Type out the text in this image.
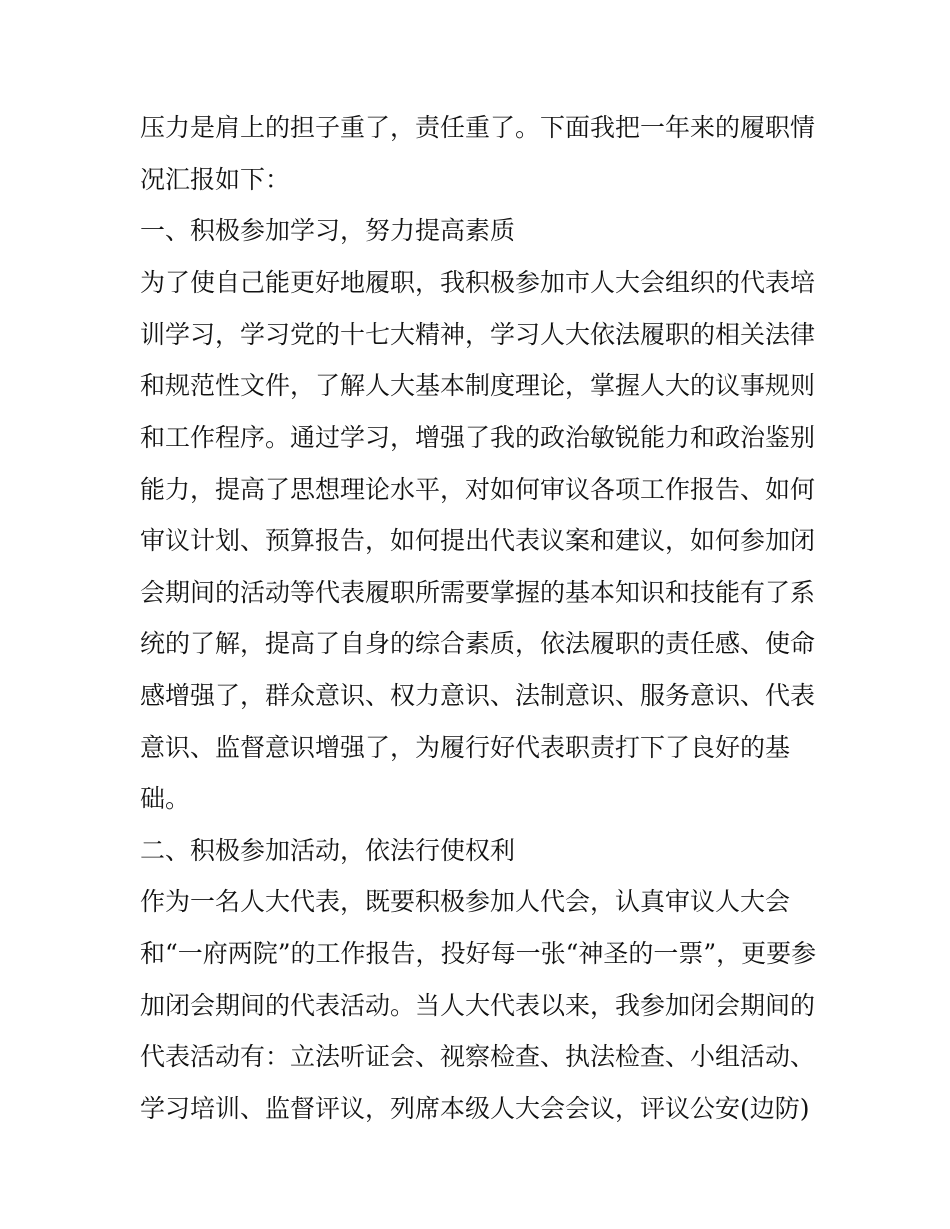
压力是肩上的担子重了，责任重了。下面我把一年来的履职情

况汇报如下：

一、积极参加学习，努力提高素质

为了使自己能更好地履职，我积极参加市人大会组织的代表培

训学习，学习党的十七大精神，学习人大依法履职的相关法律

和规范性文件，了解人大基本制度理论，掌握人大的议事规则

和工作程序。通过学习，增强了我的政治敏锐能力和政治鉴别

能力，提高了思想理论水平，对如何审议各项工作报告、如何

审议计划、预算报告，如何提出代表议案和建议，如何参加闭

会期间的活动等代表履职所需要掌握的基本知识和技能有了系

统的了解，提高了自身的综合素质，依法履职的责任感、使命

感增强了，群众意识、权力意识、法制意识、服务意识、代表

意识、监督意识增强了，为履行好代表职责打下了良好的基

础。

二、积极参加活动，依法行使权利

作为一名人大代表，既要积极参加人代会，认真审议人大会

和“一府两院”的工作报告，投好每一张“神圣的一票”，更要参

加闭会期间的代表活动。当人大代表以来，我参加闭会期间的

代表活动有：立法听证会、视察检查、执法检查、小组活动、

学习培训、监督评议，列席本级人大会会议，评议公安(边防)
